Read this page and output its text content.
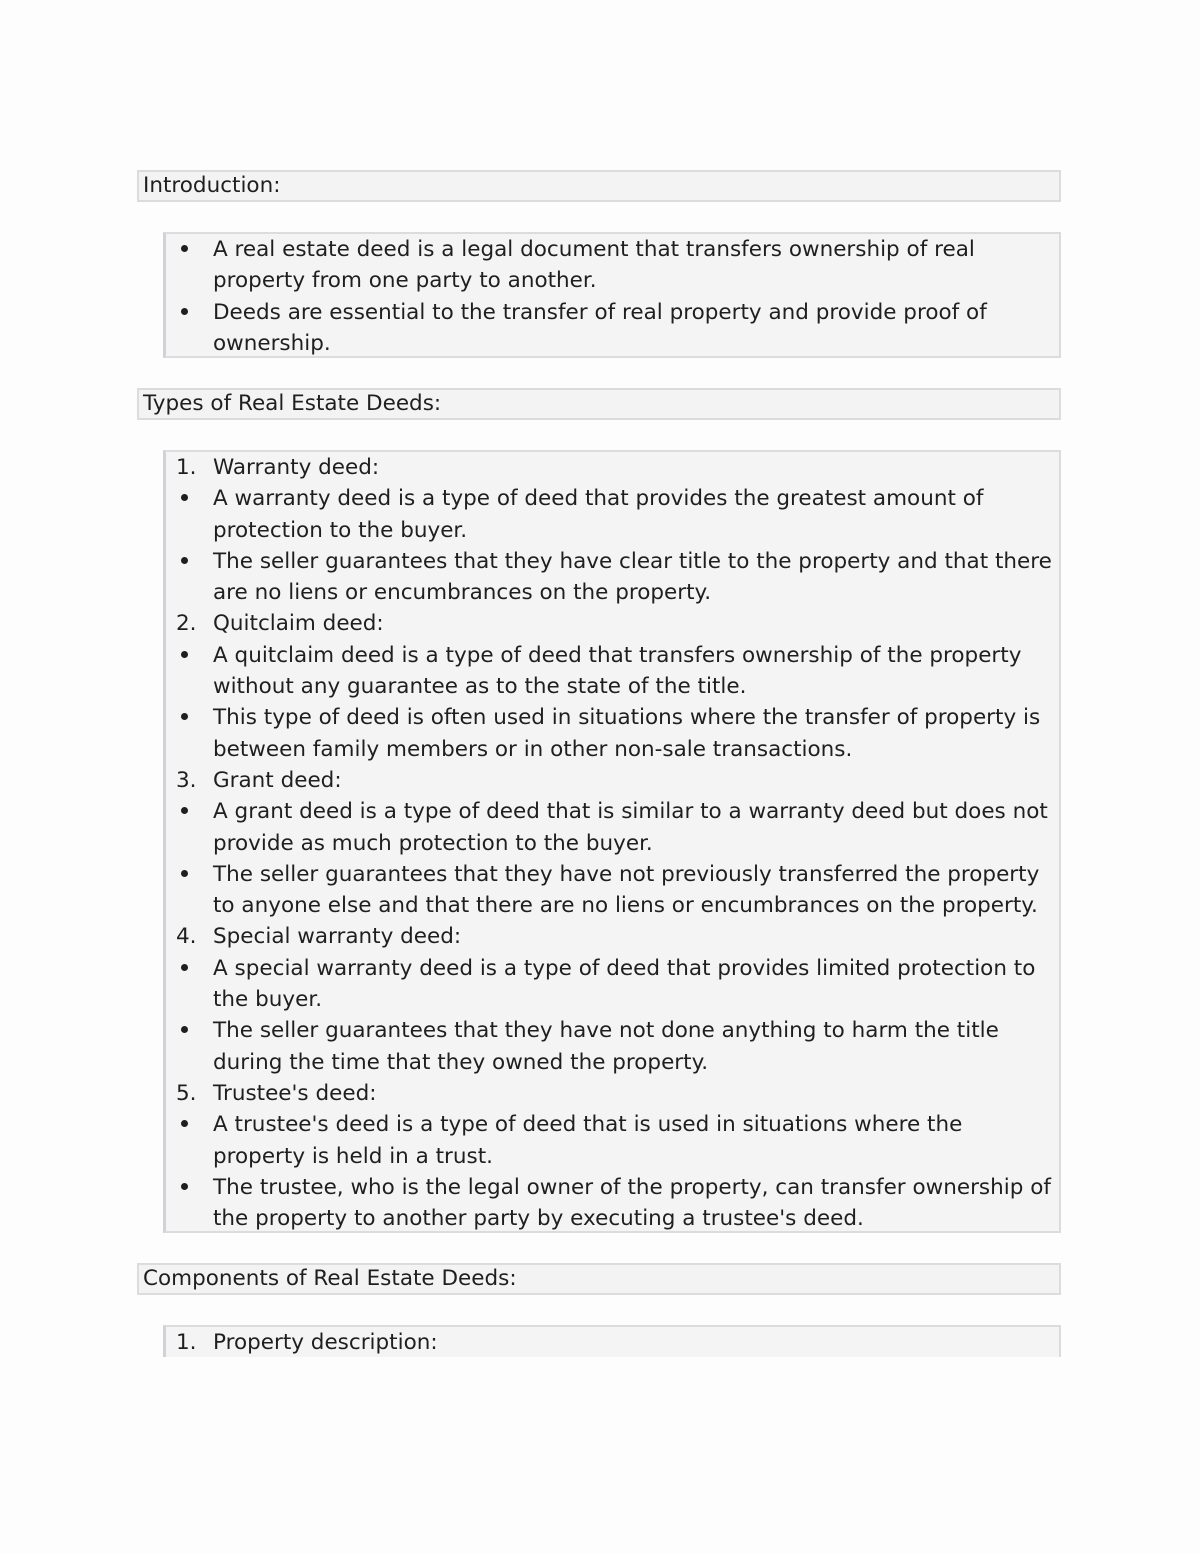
Introduction:
A real estate deed is a legal document that transfers ownership of real property from one party to another.
Deeds are essential to the transfer of real property and provide proof of ownership.
Types of Real Estate Deeds:
1. Warranty deed:
A warranty deed is a type of deed that provides the greatest amount of protection to the buyer.
The seller guarantees that they have clear title to the property and that there are no liens or encumbrances on the property.
2. Quitclaim deed:
A quitclaim deed is a type of deed that transfers ownership of the property without any guarantee as to the state of the title.
This type of deed is often used in situations where the transfer of property is between family members or in other non-sale transactions.
3. Grant deed:
A grant deed is a type of deed that is similar to a warranty deed but does not provide as much protection to the buyer.
The seller guarantees that they have not previously transferred the property to anyone else and that there are no liens or encumbrances on the property.
4. Special warranty deed:
A special warranty deed is a type of deed that provides limited protection to the buyer.
The seller guarantees that they have not done anything to harm the title during the time that they owned the property.
5. Trustee's deed:
A trustee's deed is a type of deed that is used in situations where the property is held in a trust.
The trustee, who is the legal owner of the property, can transfer ownership of the property to another party by executing a trustee's deed.
Components of Real Estate Deeds:
1. Property description:
